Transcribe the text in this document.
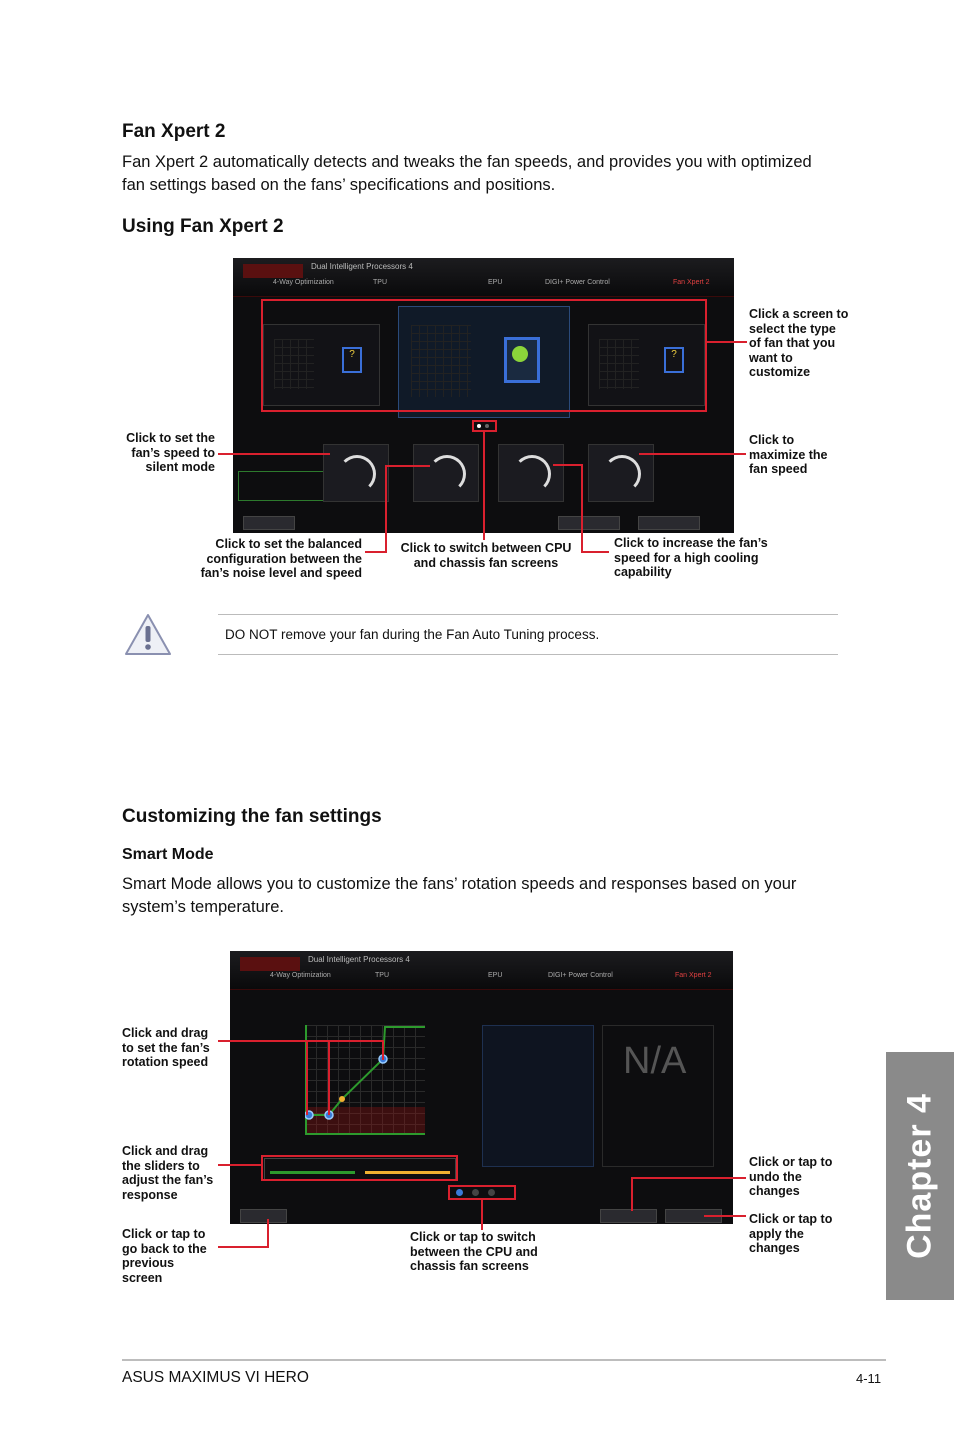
Fan Xpert 2
Fan Xpert 2 automatically detects and tweaks the fan speeds, and provides you with optimized fan settings based on the fans’ specifications and positions.
Using Fan Xpert 2
Dual Intelligent Processors 4
4-Way Optimization	TPU	EPU	DIGI+ Power Control	Fan Xpert 2
?	?
Click a screen to select the type of fan that you want to customize
Click to set the fan’s speed to silent mode
Click to maximize the fan speed
Click to set the balanced configuration between the fan’s noise level and speed
Click to switch between CPU and chassis fan screens
Click to increase the fan’s speed for a high cooling capability
DO NOT remove your fan during the Fan Auto Tuning process.
Customizing the fan settings
Smart Mode
Smart Mode allows you to customize the fans’ rotation speeds and responses based on your system’s temperature.
Dual Intelligent Processors 4
4-Way Optimization	TPU	EPU	DIGI+ Power Control	Fan Xpert 2
N/A
Click and drag to set the fan’s rotation speed
Click and drag the sliders to adjust the fan’s response
Click or tap to go back to the previous screen
Click or tap to switch between the CPU and chassis fan screens
Click or tap to undo the changes
Click or tap to apply the changes	Chapter 4
ASUS MAXIMUS VI HERO	4-11
